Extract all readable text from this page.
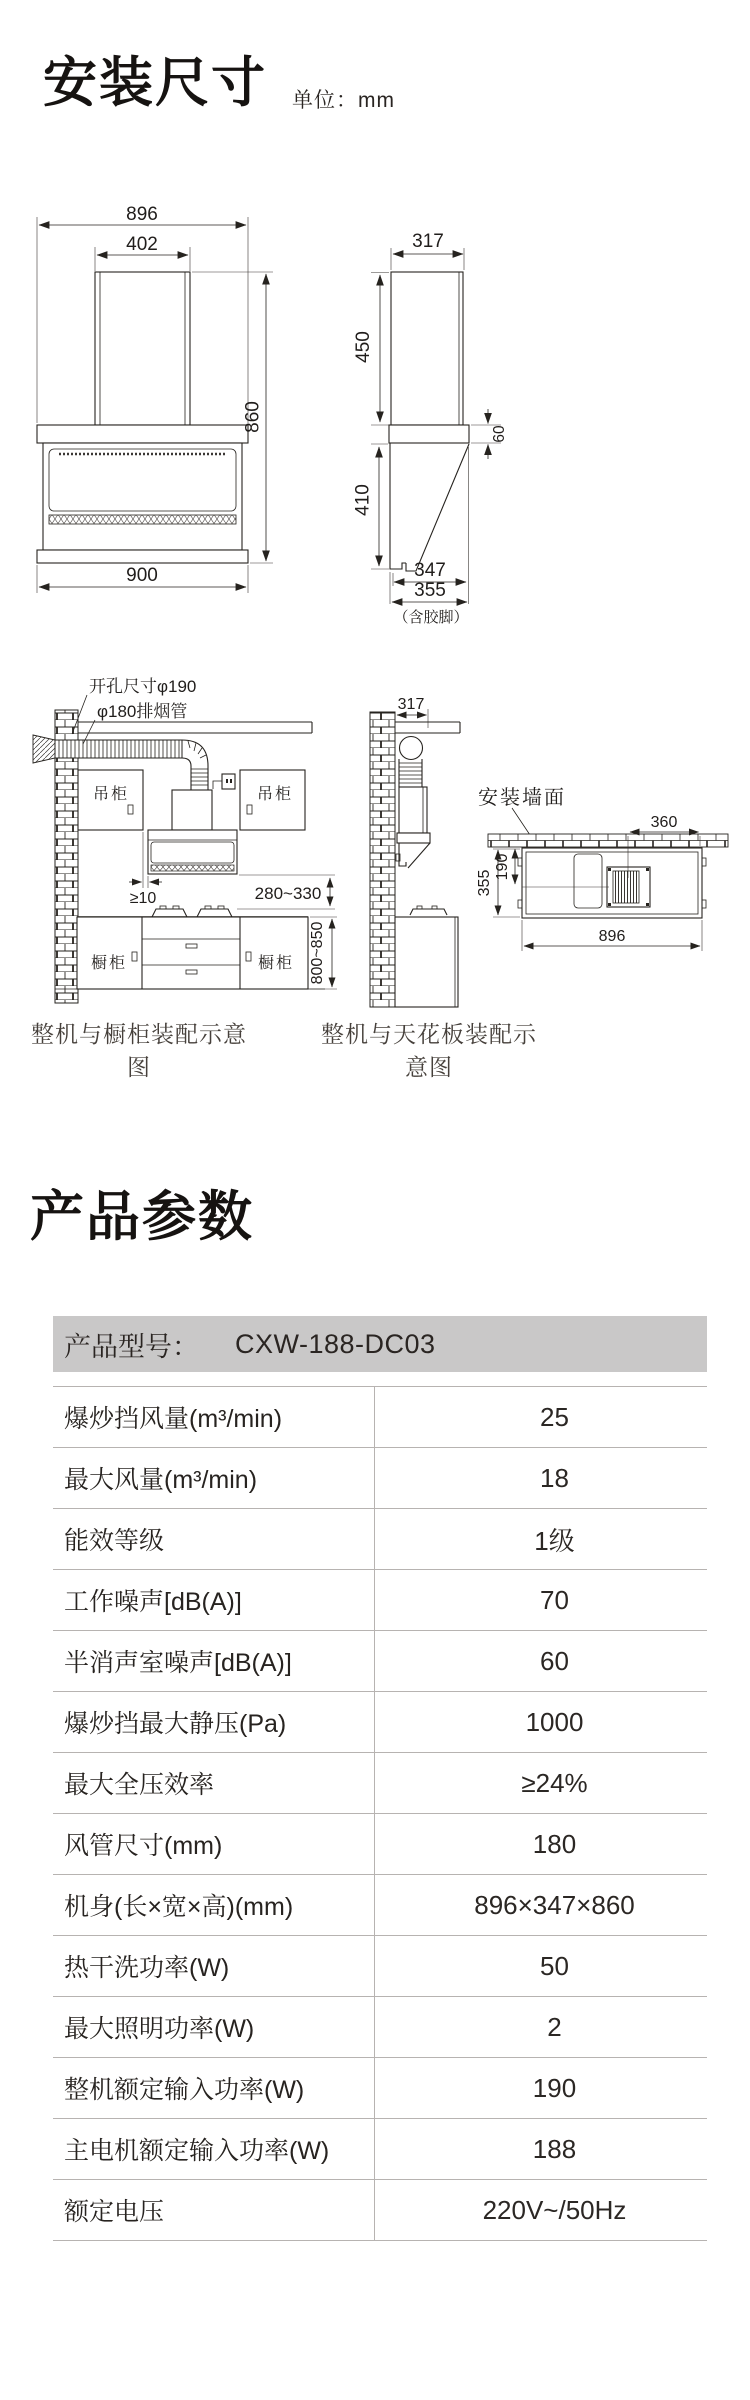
安装尺寸 单位：mm
896
402
900
860
317
450
410
60
347
355
（含胶脚）
吊柜	吊柜
开孔尺寸φ190
φ180排烟管
≥10	280~330
橱柜	橱柜 800~850
317
安装墙面
360
190
355
896
整机与橱柜装配示意图
整机与天花板装配示意图
产品参数
产品型号： CXW-188-DC03
爆炒挡风量(m³/min)	25
最大风量(m³/min)	18
能效等级	1级
工作噪声[dB(A)]	70
半消声室噪声[dB(A)]	60
爆炒挡最大静压(Pa)	1000
最大全压效率	≥24%
风管尺寸(mm)	180
机身(长×宽×高)(mm)	896×347×860
热干洗功率(W)	50
最大照明功率(W)	2
整机额定输入功率(W)	190
主电机额定输入功率(W)	188
额定电压	220V~/50Hz
